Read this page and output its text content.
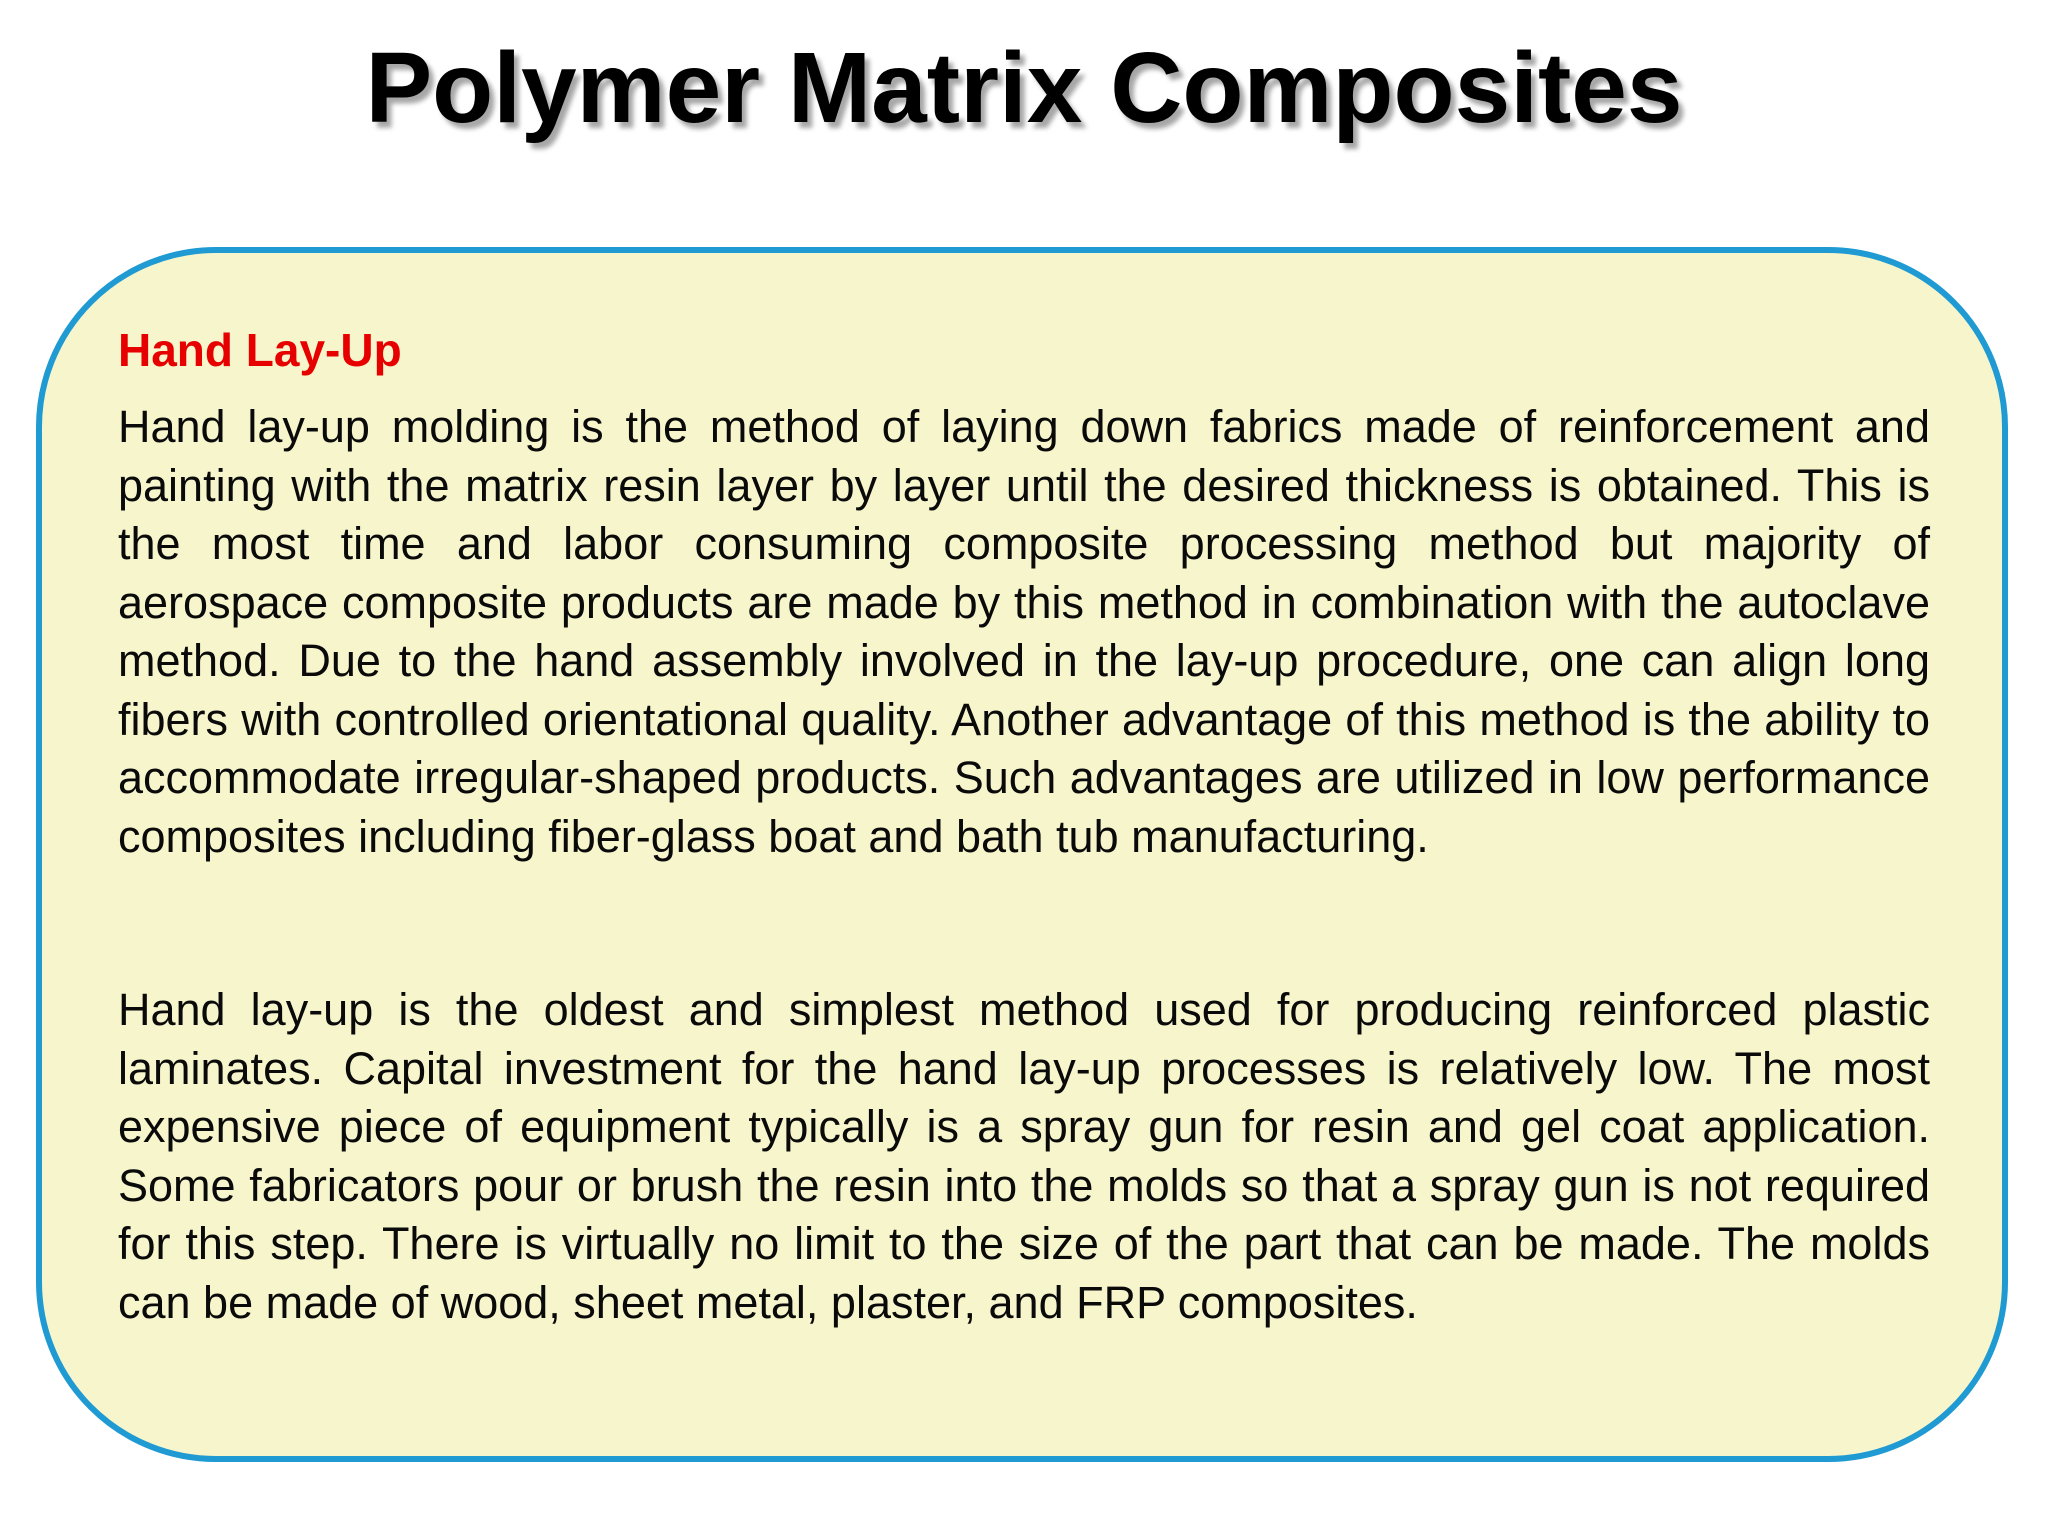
Polymer Matrix Composites
Hand Lay-Up

Hand lay-up molding is the method of laying down fabrics made of reinforcement and painting with the matrix resin layer by layer until the desired thickness is obtained. This is the most time and labor consuming composite processing method but majority of aerospace composite products are made by this method in combination with the autoclave method. Due to the hand assembly involved in the lay-up procedure, one can align long fibers with controlled orientational quality. Another advantage of this method is the ability to accommodate irregular-shaped products. Such advantages are utilized in low performance composites including fiber-glass boat and bath tub manufacturing.

Hand lay-up is the oldest and simplest method used for producing reinforced plastic laminates. Capital investment for the hand lay-up processes is relatively low. The most expensive piece of equipment typically is a spray gun for resin and gel coat application. Some fabricators pour or brush the resin into the molds so that a spray gun is not required for this step. There is virtually no limit to the size of the part that can be made. The molds can be made of wood, sheet metal, plaster, and FRP composites.
